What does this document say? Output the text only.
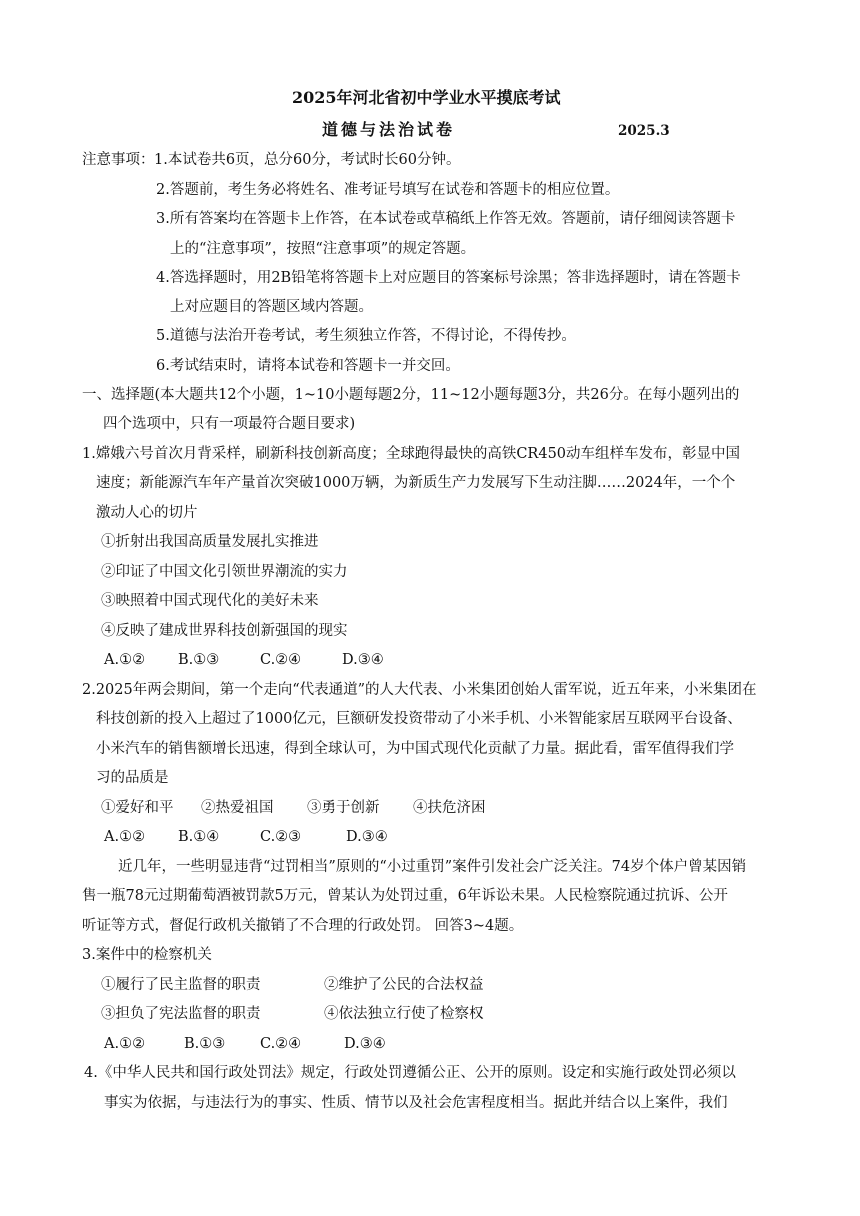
2025年河北省初中学业水平摸底考试
道德与法治试卷	2025.3
注意事项： 1.本试卷共6页，总分60分，考试时长60分钟。
2.答题前，考生务必将姓名、准考证号填写在试卷和答题卡的相应位置。
3.所有答案均在答题卡上作答，在本试卷或草稿纸上作答无效。答题前，请仔细阅读答题卡
上的“注意事项”，按照“注意事项”的规定答题。
4.答选择题时，用2B铅笔将答题卡上对应题目的答案标号涂黑；答非选择题时，请在答题卡
上对应题目的答题区域内答题。
5.道德与法治开卷考试，考生须独立作答，不得讨论，不得传抄。
6.考试结束时，请将本试卷和答题卡一并交回。
一、选择题(本大题共12个小题，1~10小题每题2分，11~12小题每题3分，共26分。在每小题列出的
四个选项中，只有一项最符合题目要求)
1.嫦娥六号首次月背采样，刷新科技创新高度；全球跑得最快的高铁CR450动车组样车发布，彰显中国
速度；新能源汽车年产量首次突破1000万辆，为新质生产力发展写下生动注脚……2024年，一个个
激动人心的切片
①折射出我国高质量发展扎实推进
②印证了中国文化引领世界潮流的实力
③映照着中国式现代化的美好未来
④反映了建成世界科技创新强国的现实
A.①② B.①③	C.②④	D.③④
2.2025年两会期间，第一个走向“代表通道”的人大代表、小米集团创始人雷军说，近五年来，小米集团在
科技创新的投入上超过了1000亿元，巨额研发投资带动了小米手机、小米智能家居互联网平台设备、
小米汽车的销售额增长迅速，得到全球认可，为中国式现代化贡献了力量。据此看，雷军值得我们学
习的品质是
①爱好和平 ②热爱祖国 ③勇于创新 ④扶危济困
A.①② B.①④	C.②③	D.③④
近几年，一些明显违背“过罚相当”原则的“小过重罚”案件引发社会广泛关注。74岁个体户曾某因销
售一瓶78元过期葡萄酒被罚款5万元，曾某认为处罚过重，6年诉讼未果。人民检察院通过抗诉、公开
听证等方式，督促行政机关撤销了不合理的行政处罚。 回答3~4题。
3.案件中的检察机关
①履行了民主监督的职责	②维护了公民的合法权益
③担负了宪法监督的职责	④依法独立行使了检察权
A.①②	B.①③ C.②④	D.③④
4.《中华人民共和国行政处罚法》规定，行政处罚遵循公正、公开的原则。设定和实施行政处罚必须以
事实为依据，与违法行为的事实、性质、情节以及社会危害程度相当。据此并结合以上案件，我们
